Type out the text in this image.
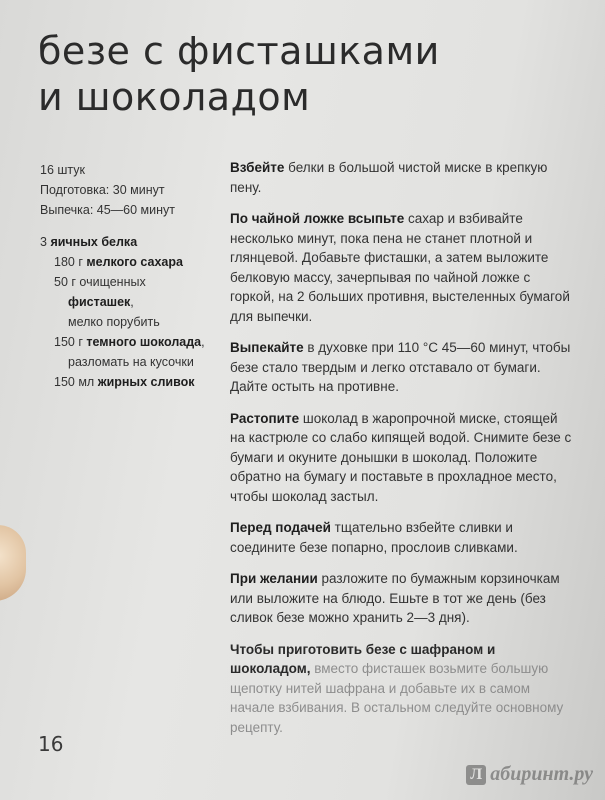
безе с фисташками
и шоколадом

16 штук

Подготовка: 30 минут

Выпечка: 45—60 минут

3 яичных белка

180 г мелкого сахара

50 г очищенных

фисташек,

мелко порубить

150 г темного шоколада,

разломать на кусочки

150 мл жирных сливок

Взбейте белки в большой чистой миске в крепкую пену.

По чайной ложке всыпьте сахар и взбивайте несколько минут, пока пена не станет плотной и глянцевой. Добавьте фисташки, а затем выложите белковую массу, зачерпывая по чайной ложке с горкой, на 2 больших противня, выстеленных бумагой для выпечки.

Выпекайте в духовке при 110 °С 45—60 минут, чтобы безе стало твердым и легко отставало от бумаги. Дайте остыть на противне.

Растопите шоколад в жаропрочной миске, стоящей на кастрюле со слабо кипящей водой. Снимите безе с бумаги и окуните донышки в шоколад. Положите обратно на бумагу и поставьте в прохладное место, чтобы шоколад застыл.

Перед подачей тщательно взбейте сливки и соедините безе попарно, прослоив сливками.

При желании разложите по бумажным корзиночкам или выложите на блюдо. Ешьте в тот же день (без сливок безе можно хранить 2—3 дня).

Чтобы приготовить безе с шафраном и шоколадом, вместо фисташек возьмите большую щепотку нитей шафрана и добавьте их в самом начале взбивания. В остальном следуйте основному рецепту.

16
Л абиринт.ру
